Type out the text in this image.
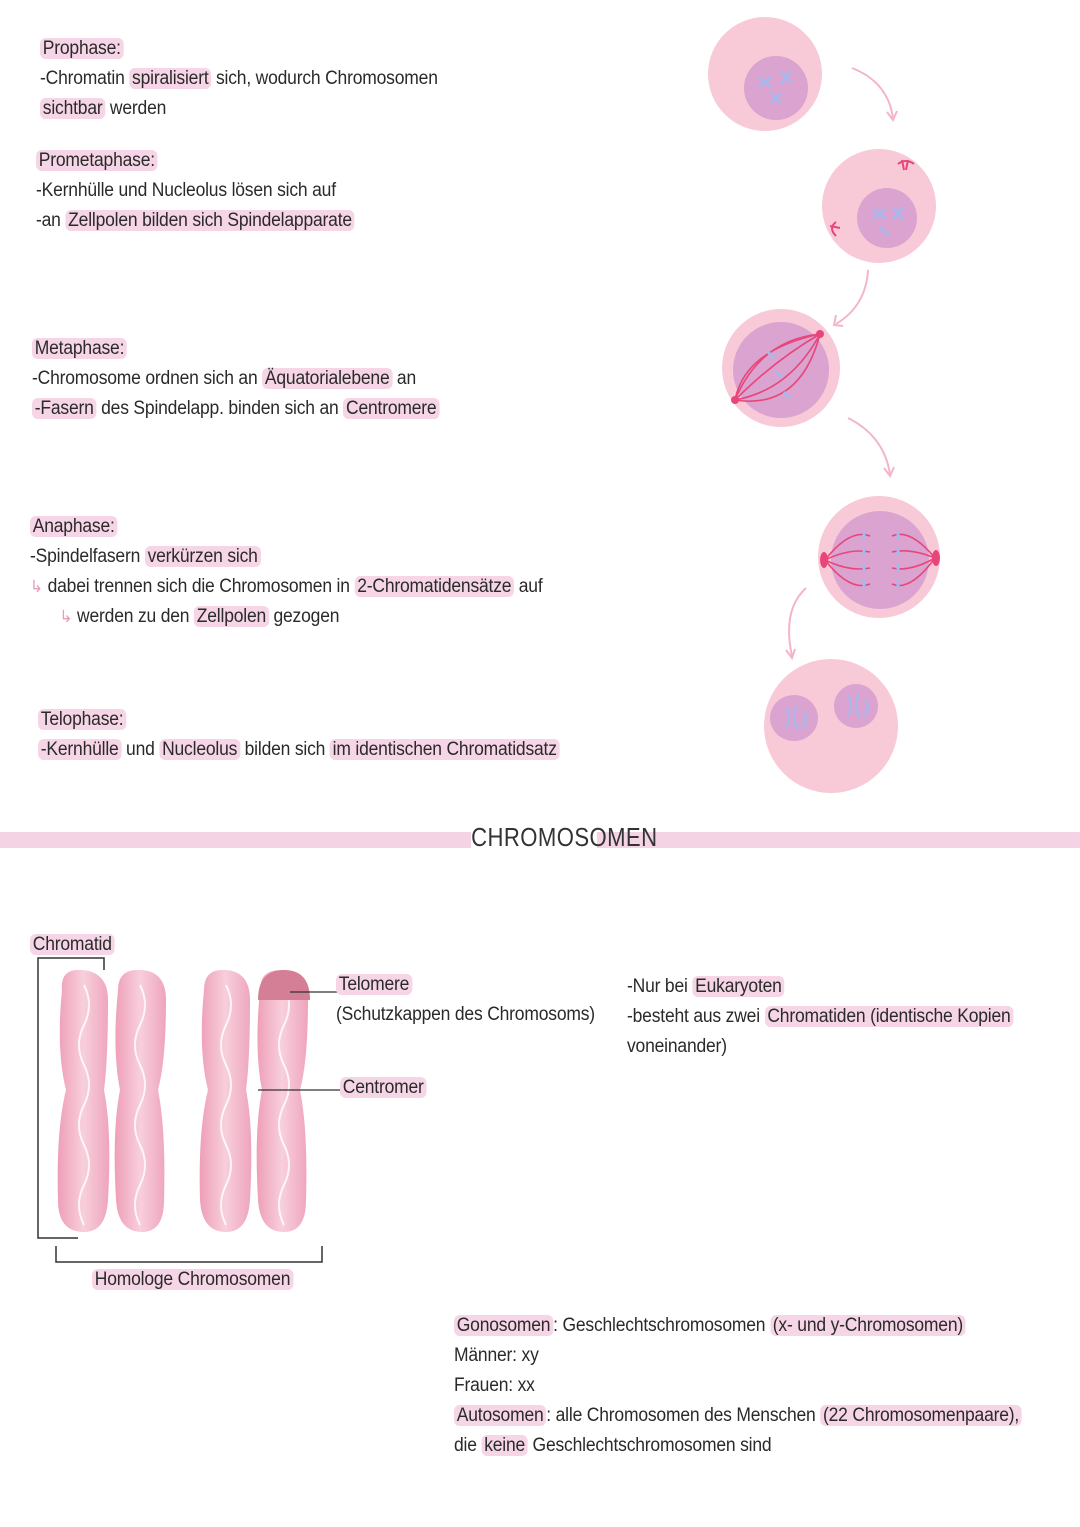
Prophase:
-Chromatin spiralisiert sich, wodurch Chromosomen
sichtbar werden
Prometaphase:
-Kernhülle und Nucleolus lösen sich auf
-an Zellpolen bilden sich Spindelapparate
Metaphase:
-Chromosome ordnen sich an Äquatorialebene an
-Fasern des Spindelapp. binden sich an Centromere
Anaphase:
-Spindelfasern verkürzen sich
↳ dabei trennen sich die Chromosomen in 2-Chromatidensätze auf
↳ werden zu den Zellpolen gezogen
Telophase:
-Kernhülle und Nucleolus bilden sich im identischen Chromatidsatz
CHROMOSOMEN
Chromatid
Telomere
(Schutzkappen des Chromosoms)
Centromer
Homologe Chromosomen
-Nur bei Eukaryoten
-besteht aus zwei Chromatiden (identische Kopien
voneinander)
Gonosomen : Geschlechtschromosomen (x- und y-Chromosomen)
Männer: xy
Frauen: xx
Autosomen : alle Chromosomen des Menschen (22 Chromosomenpaare),
die keine Geschlechtschromosomen sind
